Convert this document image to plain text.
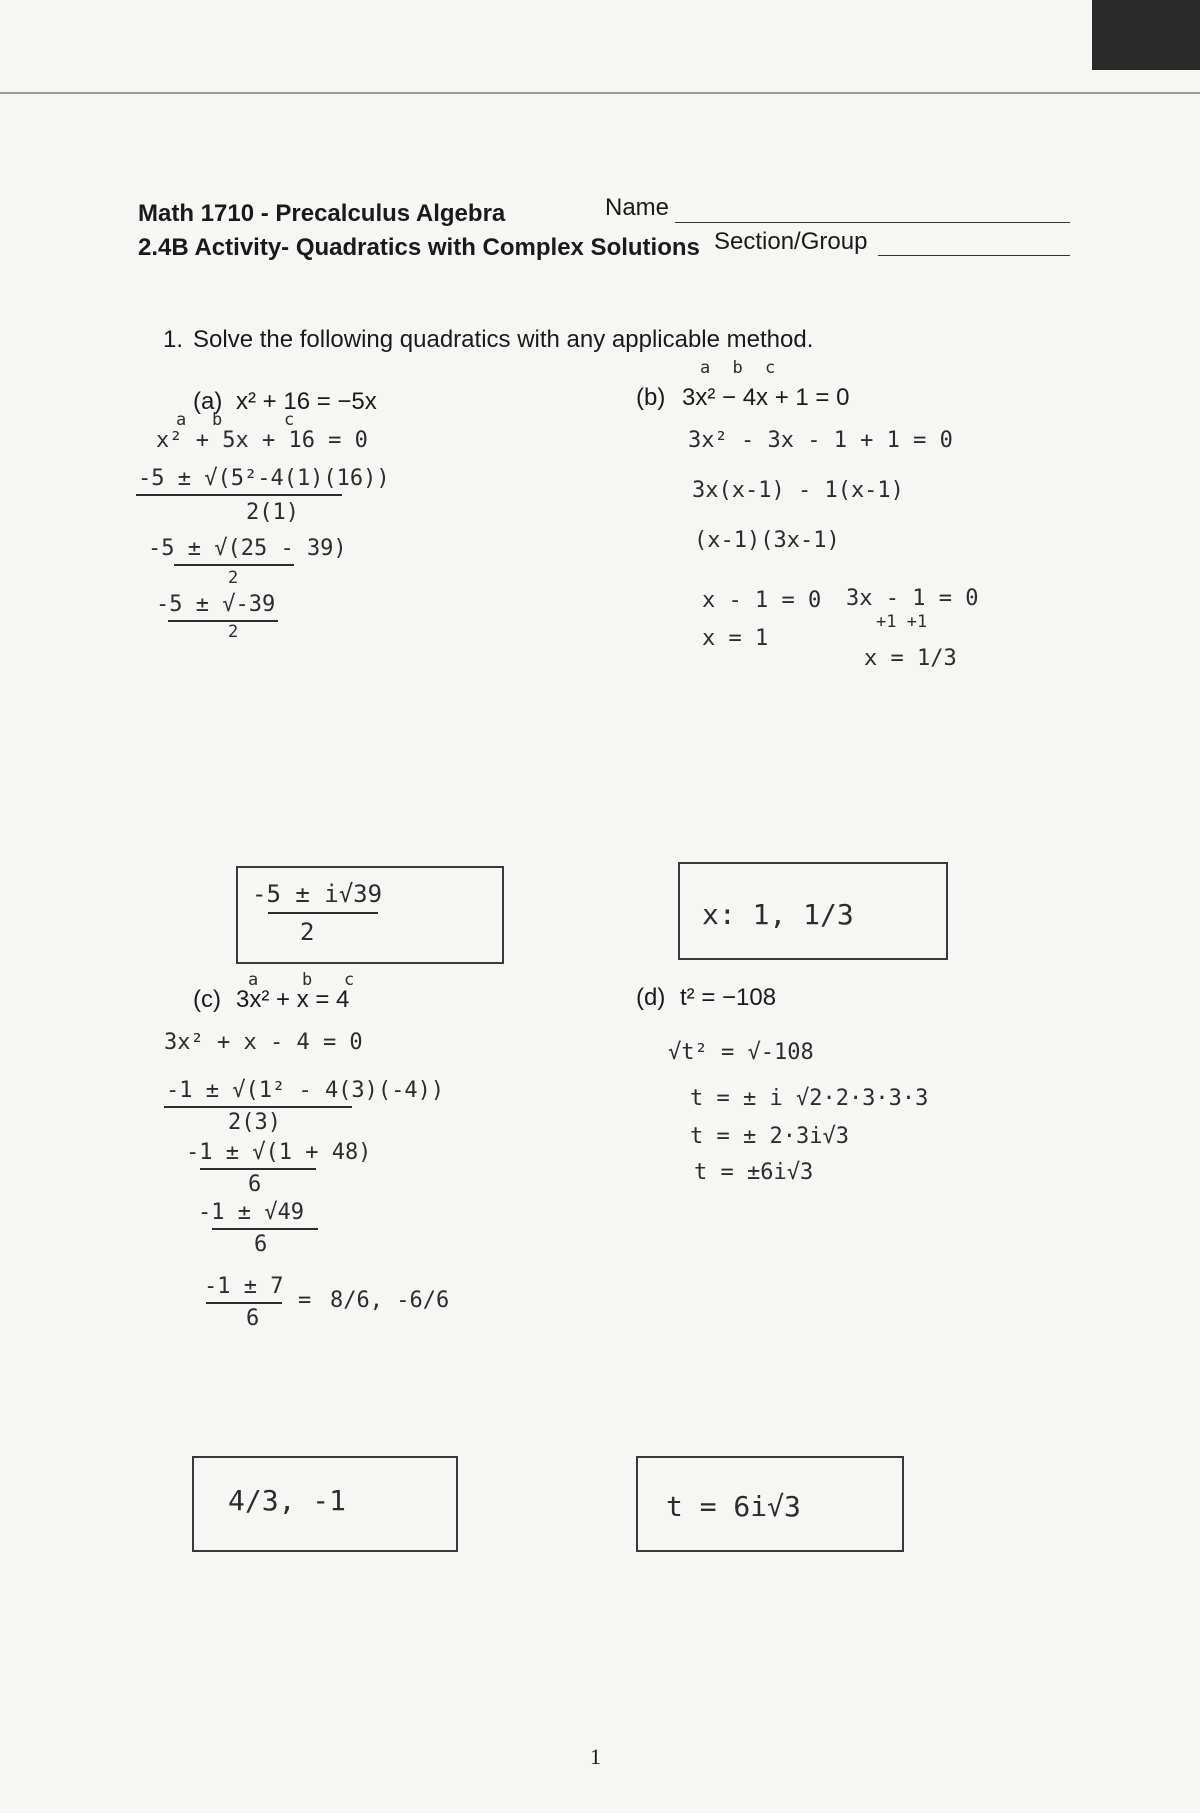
Math 1710 - Precalculus Algebra
2.4B Activity- Quadratics with Complex Solutions
Name
Section/Group
1. Solve the following quadratics with any applicable method.
a b	c
(a) x² + 16 = −5x
x² + 5x + 16 = 0
-5 ± √(5²-4(1)(16))
2(1)
-5 ± √(25 - 39)
2
-5 ± √-39
2
-5 ± i√39
2
a b c
(b) 3x² − 4x + 1 = 0
3x² - 3x - 1 + 1 = 0
3x(x-1) - 1(x-1)
(x-1)(3x-1)
x - 1 = 0
x = 1
3x - 1 = 0
+1 +1
x = 1/3
x: 1, 1/3
a	b c
(c) 3x² + x = 4
3x² + x - 4 = 0
-1 ± √(1² - 4(3)(-4))
2(3)
-1 ± √(1 + 48)
6
-1 ± √49
6
-1 ± 7
6
= 8/6, -6/6
4/3, -1
(d) t² = −108
√t² = √-108
t = ± i √2·2·3·3·3
t = ± 2·3i√3
t = ±6i√3
t = 6i√3
1
